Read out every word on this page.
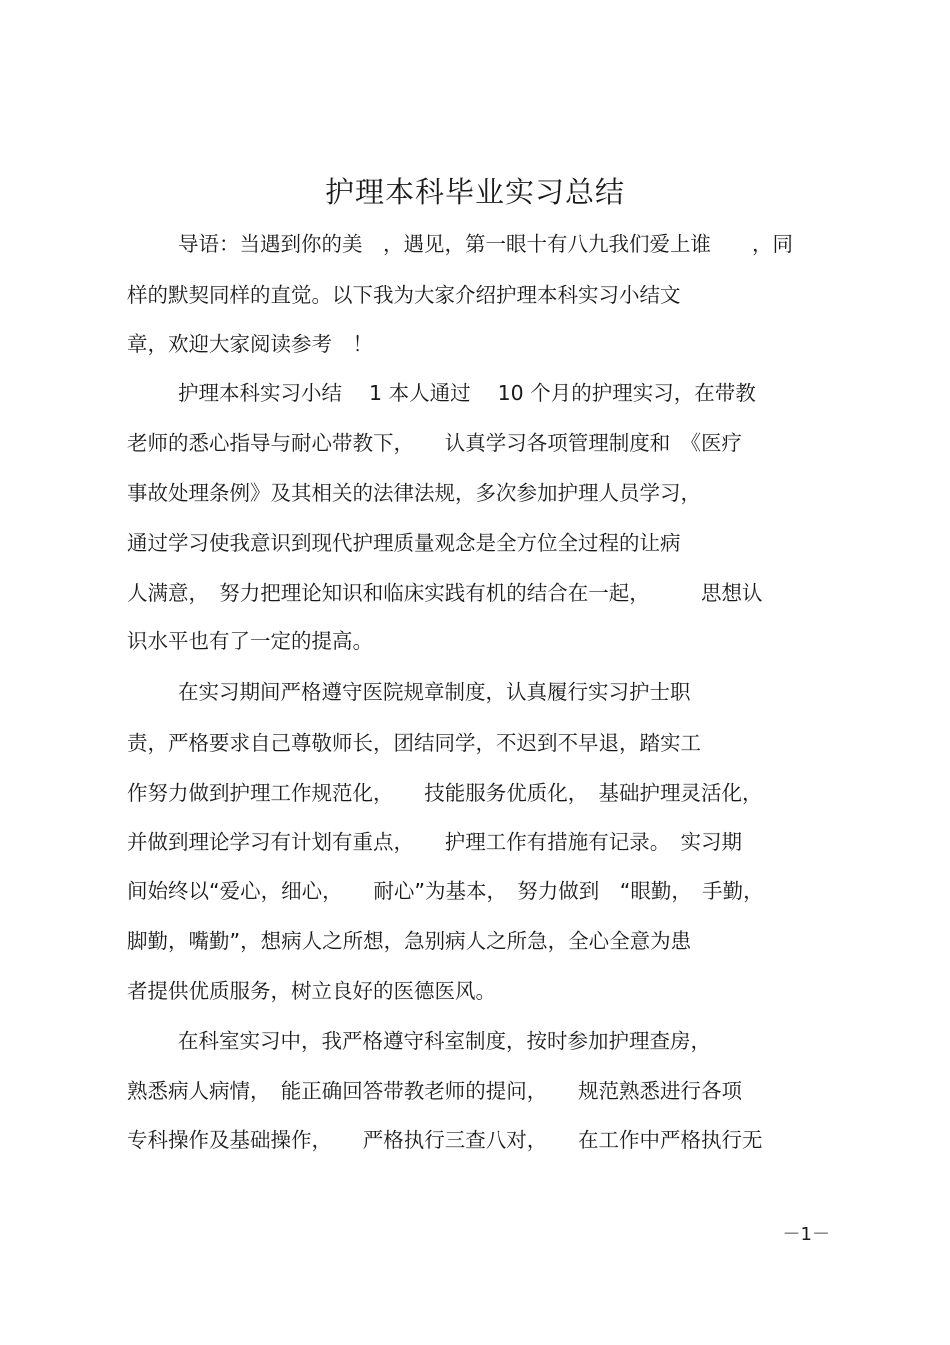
护理本科毕业实习总结
导语：当遇到你的美　，遇见，第一眼十有八九我们爱上谁　　，同
样的默契同样的直觉。以下我为大家介绍护理本科实习小结文
章，欢迎大家阅读参考　！
护理本科实习小结　 1 本人通过　 10 个月的护理实习，在带教
老师的悉心指导与耐心带教下，　　认真学习各项管理制度和　《医疗
事故处理条例》及其相关的法律法规，多次参加护理人员学习，
通过学习使我意识到现代护理质量观念是全方位全过程的让病
人满意，　努力把理论知识和临床实践有机的结合在一起，　　　思想认
识水平也有了一定的提高。
在实习期间严格遵守医院规章制度，认真履行实习护士职
责，严格要求自己尊敬师长，团结同学，不迟到不早退，踏实工
作努力做到护理工作规范化，　　技能服务优质化，　基础护理灵活化，
并做到理论学习有计划有重点，　　护理工作有措施有记录。　实习期
间始终以“爱心，细心，　　耐心”为基本，　努力做到　“眼勤，　手勤，
脚勤，嘴勤”，想病人之所想，急别病人之所急，全心全意为患
者提供优质服务，树立良好的医德医风。
在科室实习中，我严格遵守科室制度，按时参加护理查房，
熟悉病人病情，　能正确回答带教老师的提问，　　规范熟悉进行各项
专科操作及基础操作，　　严格执行三查八对，　　在工作中严格执行无
－1－
